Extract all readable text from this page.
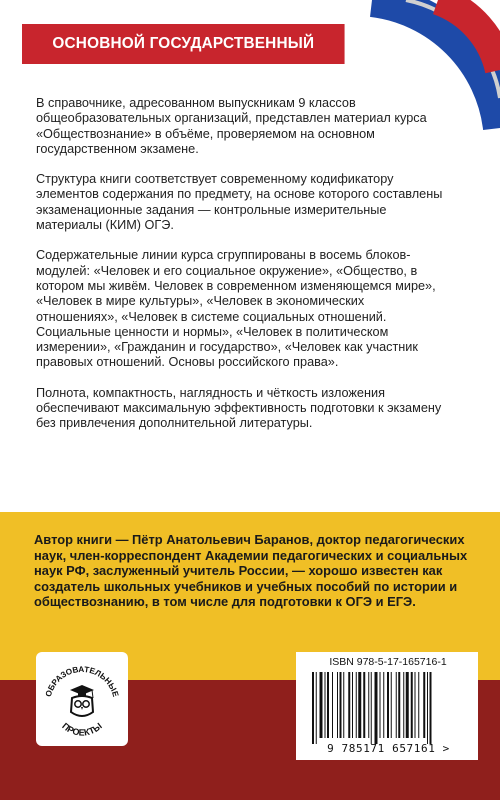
ОСНОВНОЙ ГОСУДАРСТВЕННЫЙ ЭКЗАМЕН

В справочнике, адресованном выпускникам 9 классов общеобразовательных организаций, представлен материал курса «Обществознание» в объёме, проверяемом на основном государственном экзамене.

Структура книги соответствует современному кодификатору элементов содержания по предмету, на основе которого составлены экзаменационные задания — контрольные измерительные материалы (КИМ) ОГЭ.

Содержательные линии курса сгруппированы в восемь блоков-модулей: «Человек и его социальное окружение», «Общество, в котором мы живём. Человек в современном изменяющемся мире», «Человек в мире культуры», «Человек в экономических отношениях», «Человек в системе социальных отношений. Социальные ценности и нормы», «Человек в политическом измерении», «Гражданин и государство», «Человек как участник правовых отношений. Основы российского права».

Полнота, компактность, наглядность и чёткость изложения обеспечивают максимальную эффективность подготовки к экзамену без привлечения дополнительной литературы.

Автор книги — Пётр Анатольевич Баранов, доктор педагогических наук, член-корреспондент Академии педагогических и социальных наук РФ, заслуженный учитель России, — хорошо известен как создатель школьных учебников и учебных пособий по истории и обществознанию, в том числе для подготовки к ОГЭ и ЕГЭ.
ОБРАЗОВАТЕЛЬНЫЕ
ПРОЕКТЫ
ISBN 978-5-17-165716-1
9 785171 657161 >
